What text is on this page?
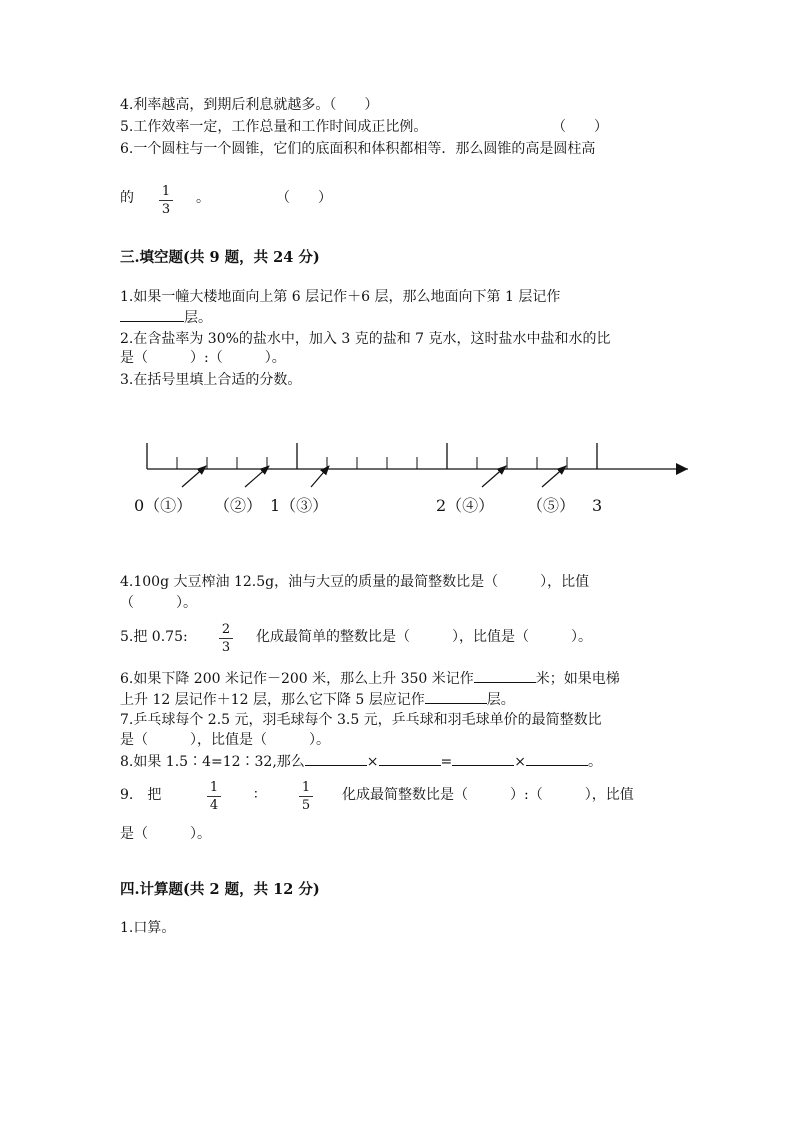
4.利率越高，到期后利息就越多。（　　）
5.工作效率一定，工作总量和工作时间成正比例。	（　　）
6.一个圆柱与一个圆锥，它们的底面积和体积都相等．那么圆锥的高是圆柱高
的	1
3
。	（　　）
三.填空题(共 9 题，共 24 分)
1.如果一幢大楼地面向上第 6 层记作＋6 层，那么地面向下第 1 层记作
层。
2.在含盐率为 30%的盐水中，加入 3 克的盐和 7 克水，这时盐水中盐和水的比
是（　　　）:（　　　）。
3.在括号里填上合适的分数。
0（①） （②） 1（③）	2（④） （⑤） 3
4.100g 大豆榨油 12.5g，油与大豆的质量的最简整数比是（　　　），比值
（　　　）。
5.把 0.75:	2
3
化成最简单的整数比是（　　　），比值是（　　　）。
6.如果下降 200 米记作－200 米，那么上升 350 米记作	米；如果电梯
上升 12 层记作＋12 层，那么它下降 5 层应记作	层。
7.乒乓球每个 2.5 元，羽毛球每个 3.5 元，乒乓球和羽毛球单价的最简整数比
是（　　　），比值是（　　　）。
8.如果 1.5∶4=12∶32,那么	×	=	×	。
9.　把	1
4
∶	1
5
化成最简整数比是（　　　）:（　　　），比值
是（　　　）。
四.计算题(共 2 题，共 12 分)
1.口算。
